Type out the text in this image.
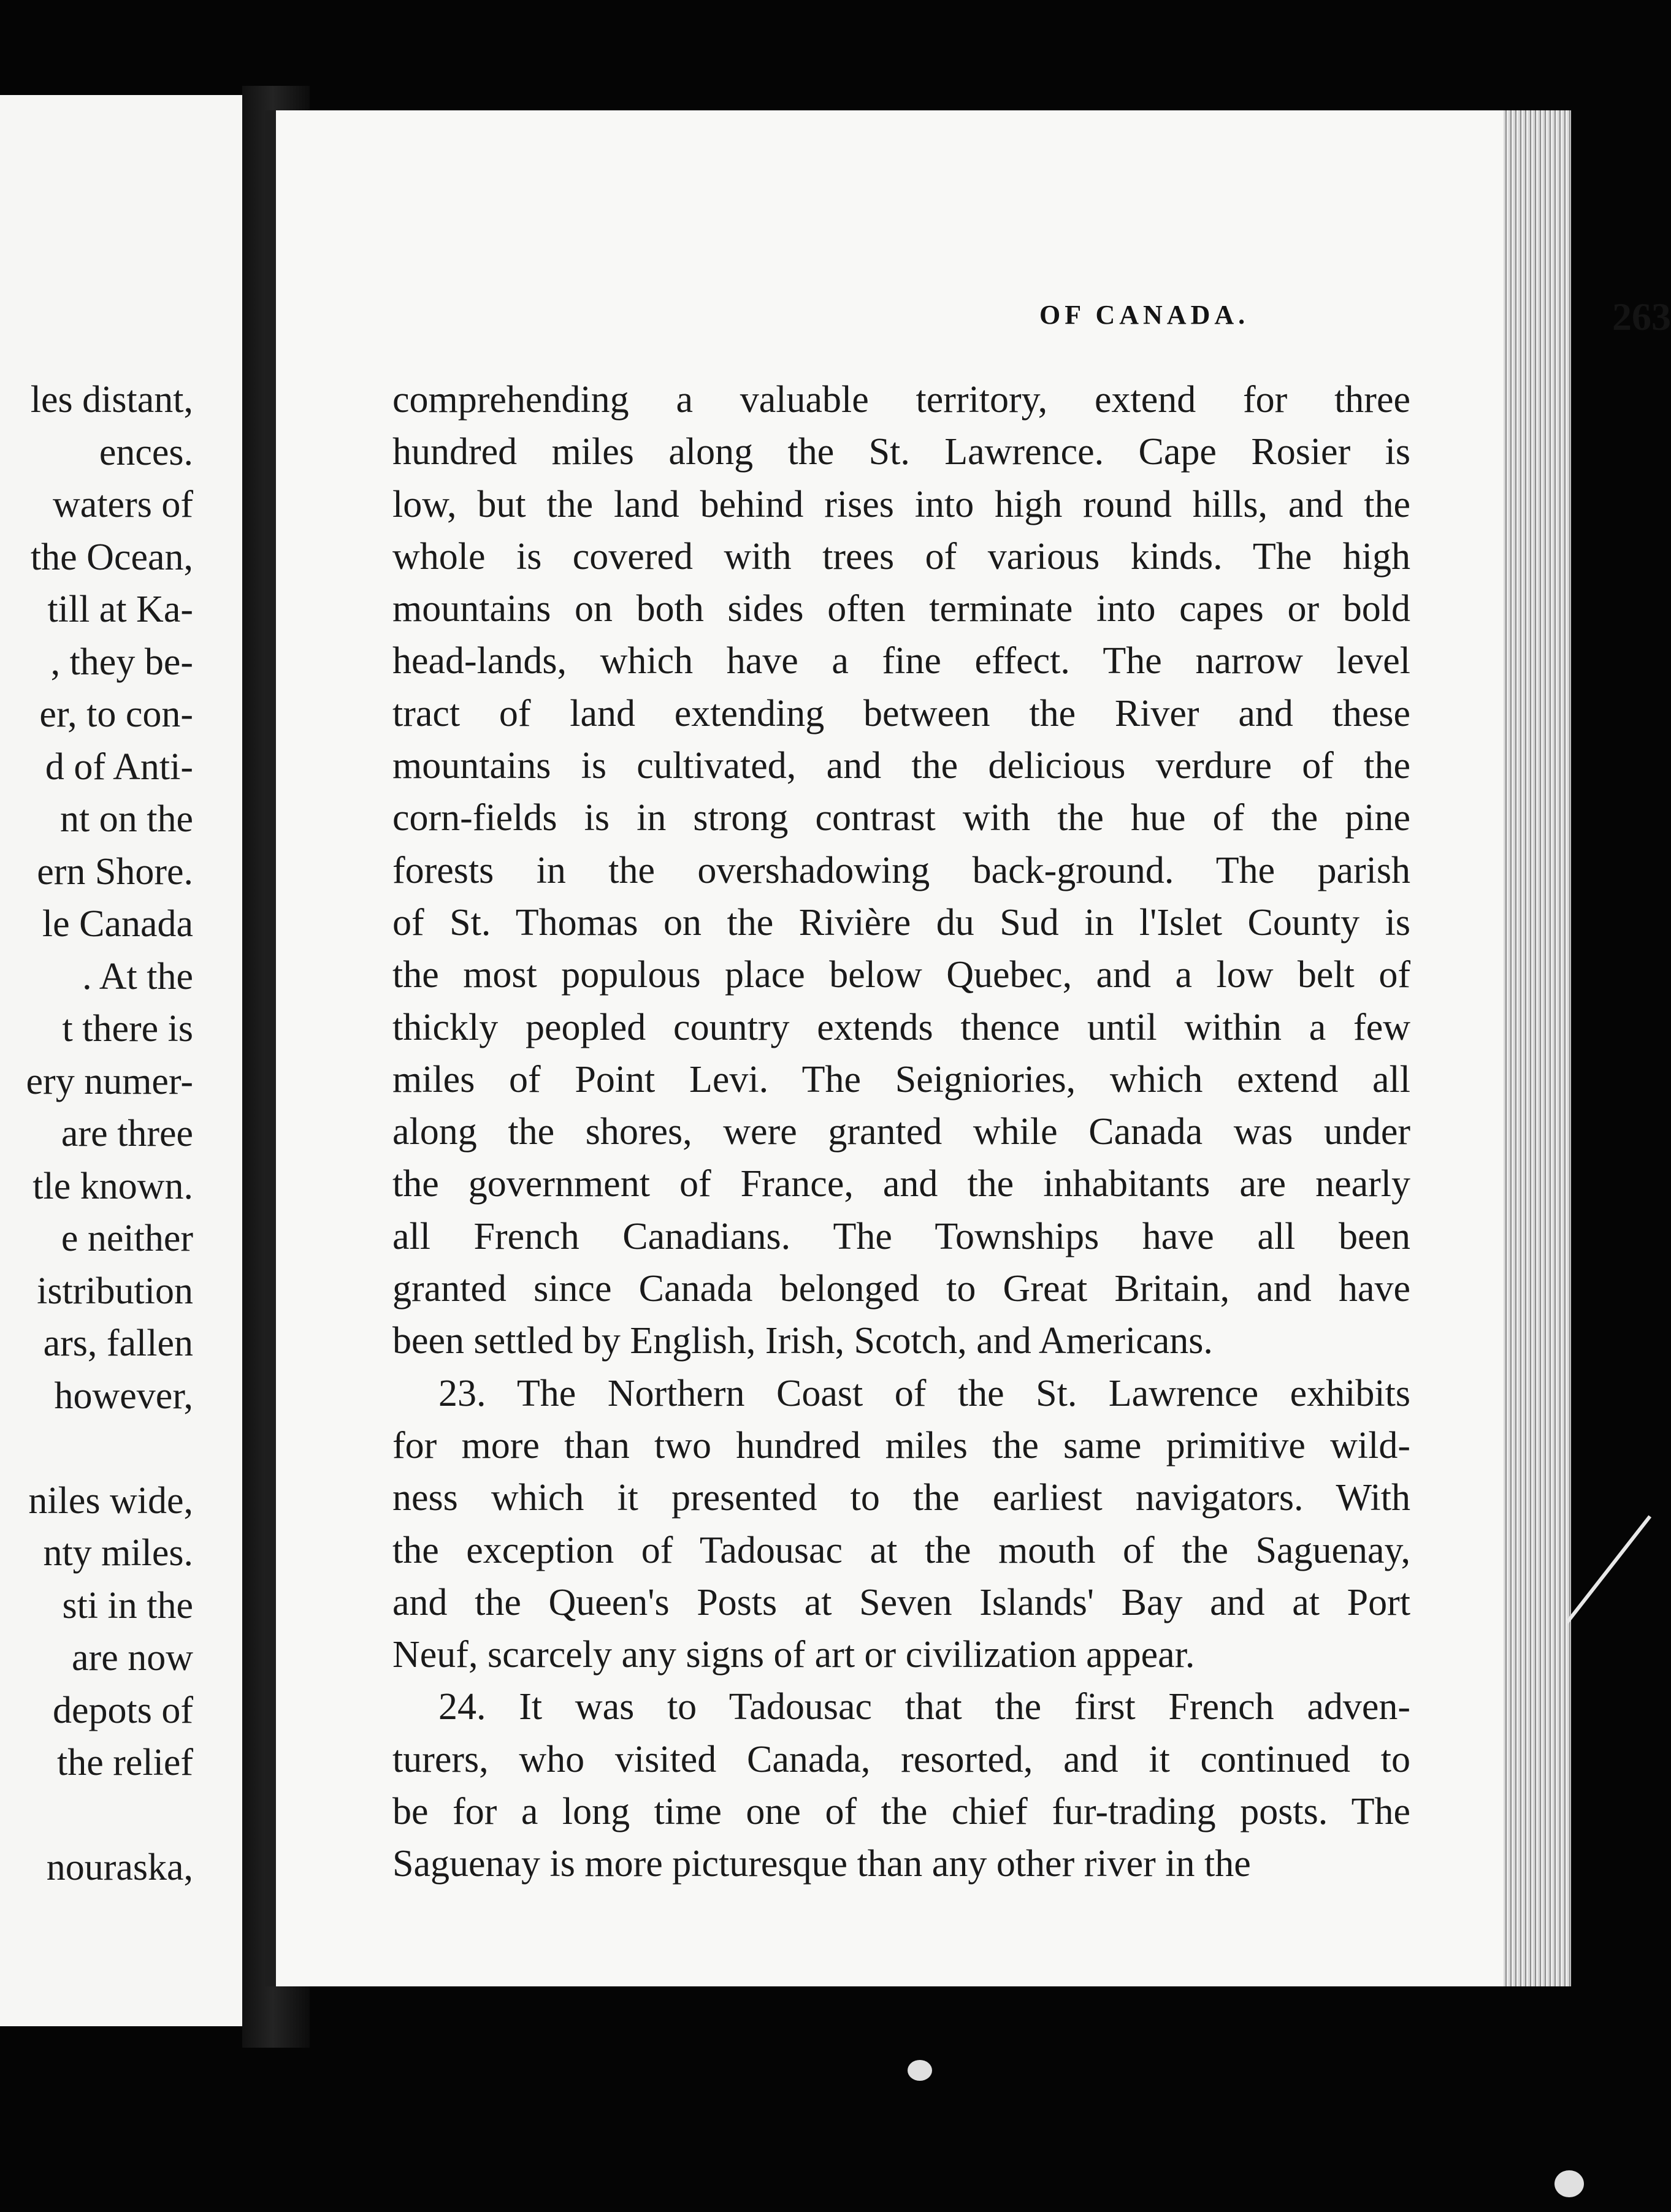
les distant,
ences.
waters of
the Ocean,
till at Ka-
, they be-
er, to con-
d of Anti-
nt on the
ern Shore.
le Canada
. At the
t there is
ery numer-
are three
tle known.
e neither
istribution
ars, fallen
however,
niles wide,
nty miles.
sti in the
are now
depots of
the relief
nouraska,
OF CANADA.	263
comprehending a valuable territory, extend for three
hundred miles along the St. Lawrence. Cape Rosier is
low, but the land behind rises into high round hills, and the
whole is covered with trees of various kinds. The high
mountains on both sides often terminate into capes or bold
head-lands, which have a fine effect. The narrow level
tract of land extending between the River and these
mountains is cultivated, and the delicious verdure of the
corn-fields is in strong contrast with the hue of the pine
forests in the overshadowing back-ground. The parish
of St. Thomas on the Rivière du Sud in l'Islet County is
the most populous place below Quebec, and a low belt of
thickly peopled country extends thence until within a few
miles of Point Levi. The Seigniories, which extend all
along the shores, were granted while Canada was under
the government of France, and the inhabitants are nearly
all French Canadians. The Townships have all been
granted since Canada belonged to Great Britain, and have
been settled by English, Irish, Scotch, and Americans.
23. The Northern Coast of the St. Lawrence exhibits
for more than two hundred miles the same primitive wild-
ness which it presented to the earliest navigators. With
the exception of Tadousac at the mouth of the Saguenay,
and the Queen's Posts at Seven Islands' Bay and at Port
Neuf, scarcely any signs of art or civilization appear.
24. It was to Tadousac that the first French adven-
turers, who visited Canada, resorted, and it continued to
be for a long time one of the chief fur-trading posts. The
Saguenay is more picturesque than any other river in the
